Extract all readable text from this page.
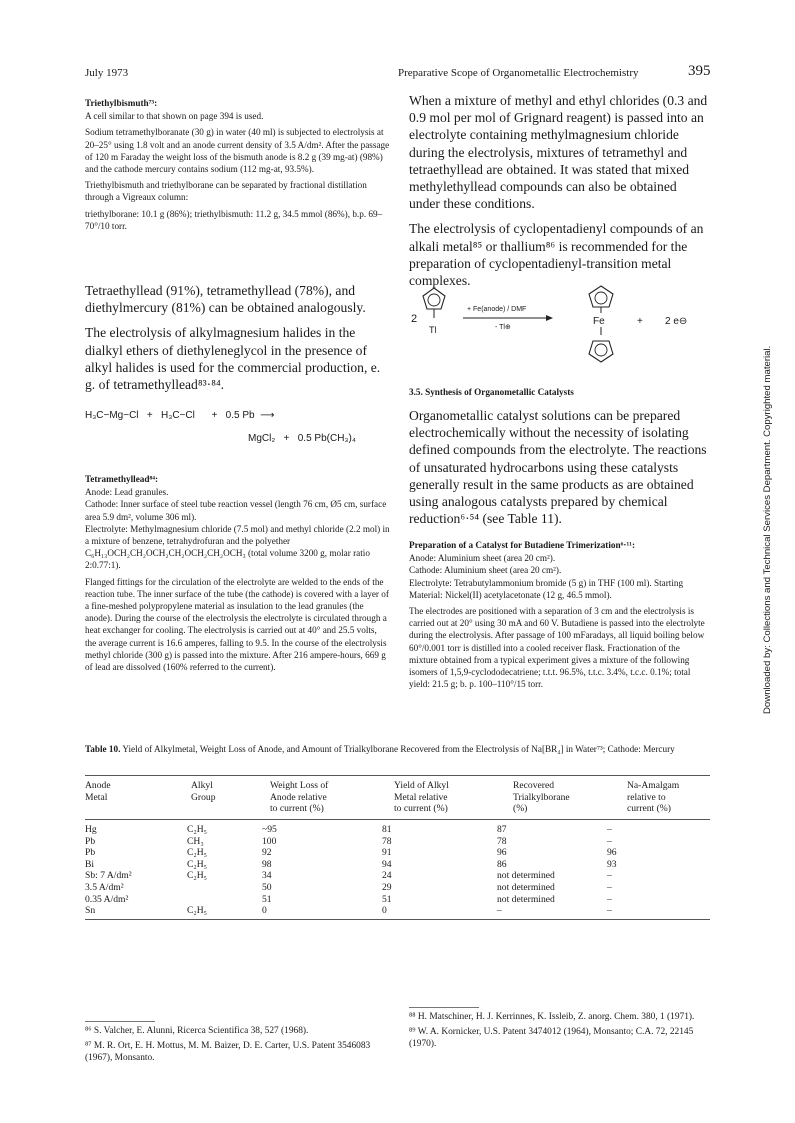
July 1973	Preparative Scope of Organometallic Electrochemistry	395
Downloaded by: Collections and Technical Services Department. Copyrighted material.

Triethylbismuth⁷³:

A cell similar to that shown on page 394 is used.

Sodium tetramethylboranate (30 g) in water (40 ml) is subjected to electrolysis at 20–25° using 1.8 volt and an anode current density of 3.5 A/dm². After the passage of 120 m Faraday the weight loss of the bismuth anode is 8.2 g (39 mg-at) (98%) and the cathode mercury contains sodium (112 mg-at, 93.5%).

Triethylbismuth and triethylborane can be separated by fractional distillation through a Vigreaux column:

triethylborane: 10.1 g (86%); triethylbismuth: 11.2 g, 34.5 mmol (86%), b.p. 69–70°/10 torr.

Tetraethyllead (91%), tetramethyllead (78%), and diethylmercury (81%) can be obtained analogously.

The electrolysis of alkylmagnesium halides in the dialkyl ethers of diethyleneglycol in the presence of alkyl halides is used for the commercial production, e. g. of tetramethyllead⁸³·⁸⁴.

H₃C−Mg−Cl   +   H₃C−Cl      +   0.5 Pb  ⟶
MgCl₂   +   0.5 Pb(CH₃)₄

Tetramethyllead⁸⁴:

Anode: Lead granules.

Cathode: Inner surface of steel tube reaction vessel (length 76 cm, Ø5 cm, surface area 5.9 dm², volume 306 ml).

Electrolyte: Methylmagnesium chloride (7.5 mol) and methyl chloride (2.2 mol) in a mixture of benzene, tetrahydrofuran and the polyether C₆H₁₃OCH₂CH₂OCH₂CH₂OCH₂CH₂OCH₃ (total volume 3200 g, molar ratio 2:0.77:1).

Flanged fittings for the circulation of the electrolyte are welded to the ends of the reaction tube. The inner surface of the tube (the cathode) is covered with a layer of a fine-meshed polypropylene material as insulation to the lead granules (the anode). During the course of the electrolysis the electrolyte is circulated through a heat exchanger for cooling. The electrolysis is carried out at 40° and 25.5 volts, the average current is 16.6 amperes, falling to 9.5. In the course of the electrolysis methyl chloride (300 g) is passed into the mixture. After 216 ampere-hours, 669 g of lead are dissolved (160% referred to the current).

When a mixture of methyl and ethyl chlorides (0.3 and 0.9 mol per mol of Grignard reagent) is passed into an electrolyte containing methylmagnesium chloride during the electrolysis, mixtures of tetramethyl and tetraethyllead are obtained. It was stated that mixed methylethyllead compounds can also be obtained under these conditions.

The electrolysis of cyclopentadienyl compounds of an alkali metal⁸⁵ or thallium⁸⁶ is recommended for the preparation of cyclopentadienyl-transition metal complexes.

2
Tl
+ Fe(anode) / DMF
- Tl⊕
Fe	+ 2 e⊖
3.5. Synthesis of Organometallic Catalysts

Organometallic catalyst solutions can be prepared electrochemically without the necessity of isolating defined compounds from the electrolyte. The reactions of unsaturated hydrocarbons using these catalysts generally result in the same products as are obtained using analogous catalysts prepared by chemical reduction⁶·⁵⁴ (see Table 11).

Preparation of a Catalyst for Butadiene Trimerization⁶·¹¹:

Anode: Aluminium sheet (area 20 cm²).

Cathode: Aluminium sheet (area 20 cm²).

Electrolyte: Tetrabutylammonium bromide (5 g) in THF (100 ml). Starting Material: Nickel(II) acetylacetonate (12 g, 46.5 mmol).

The electrodes are positioned with a separation of 3 cm and the electrolysis is carried out at 20° using 30 mA and 60 V. Butadiene is passed into the electrolyte during the electrolysis. After passage of 100 mFaradays, all liquid boiling below 60°/0.001 torr is distilled into a cooled receiver flask. Fractionation of the mixture obtained from a typical experiment gives a mixture of the following isomers of 1,5,9-cyclododecatriene; t.t.t. 96.5%, t.t.c. 3.4%, t.c.c. 0.1%; total yield: 21.5 g; b. p. 100–110°/15 torr.

Table 10. Yield of Alkylmetal, Weight Loss of Anode, and Amount of Trialkylborane Recovered from the Electrolysis of Na[BR₄] in Water⁷³; Cathode: Mercury
Anode
Metal

Alkyl
Group

Weight Loss of
Anode relative
to current (%)

Yield of Alkyl
Metal relative
to current (%)

Recovered
Trialkylborane
(%)

Na-Amalgam
relative to
current (%)
Hg	C₂H₅	~95	81	87	–
Pb	CH₃	100	78	78	–
Pb	C₂H₅	92	91	96	96
Bi	C₂H₅	98	94	86	93
Sb: 7 A/dm²	C₂H₅	34	24	not determined	–
3.5 A/dm²		50	29	not determined	–
0.35 A/dm²		51	51	not determined	–
Sn	C₂H₅	0	0	–	–

⁸⁶ S. Valcher, E. Alunni, Ricerca Scientifica 38, 527 (1968).

⁸⁷ M. R. Ort, E. H. Mottus, M. M. Baizer, D. E. Carter, U.S. Patent 3546083 (1967), Monsanto.

⁸⁸ H. Matschiner, H. J. Kerrinnes, K. Issleib, Z. anorg. Chem. 380, 1 (1971).

⁸⁹ W. A. Kornicker, U.S. Patent 3474012 (1964), Monsanto; C.A. 72, 22145 (1970).
